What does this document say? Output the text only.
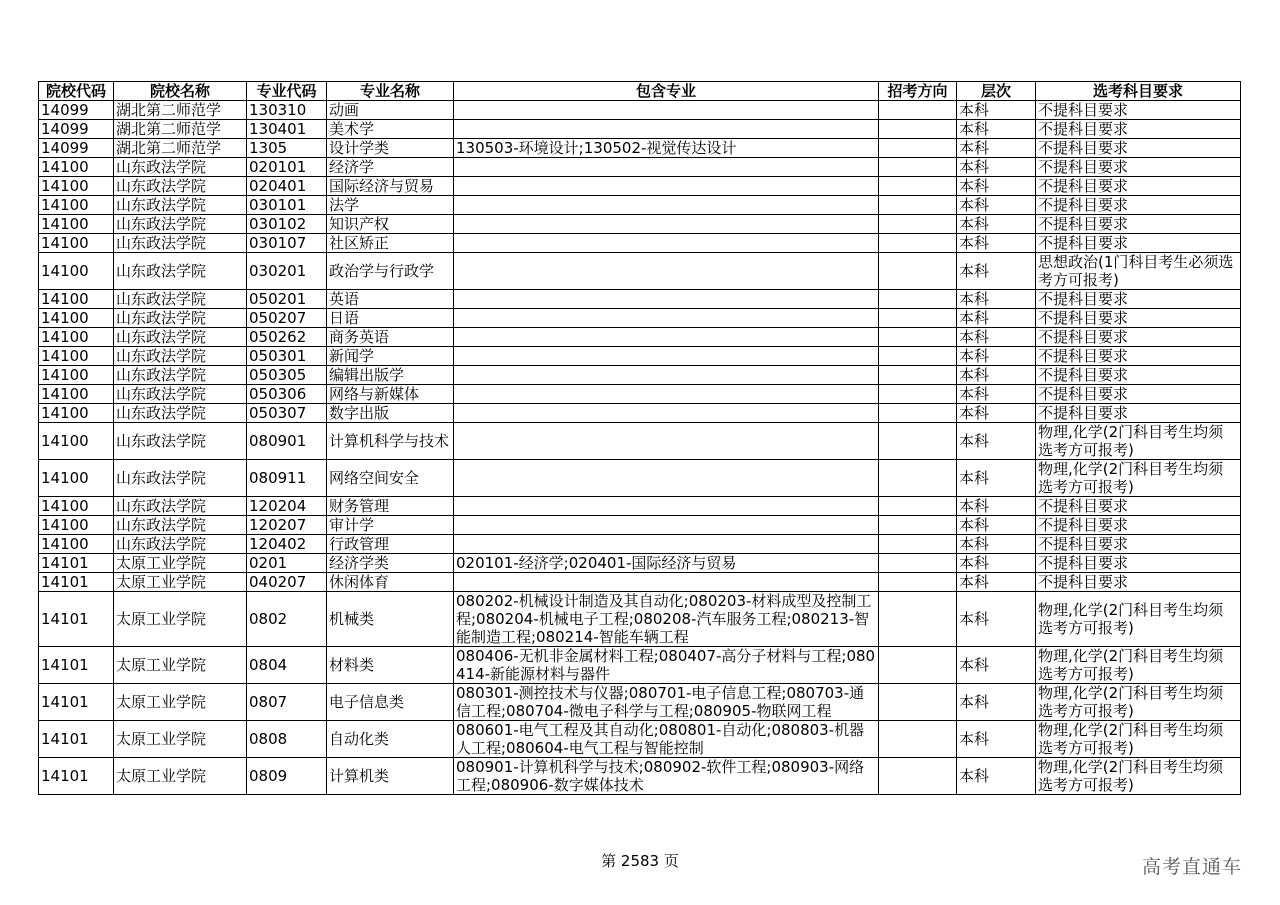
院校代码	院校名称	专业代码	专业名称	包含专业	招考方向	层次	选考科目要求
14099	湖北第二师范学	130310	动画			本科	不提科目要求
14099	湖北第二师范学	130401	美术学			本科	不提科目要求
14099	湖北第二师范学	1305	设计学类	130503-环境设计;130502-视觉传达设计		本科	不提科目要求
14100	山东政法学院	020101	经济学			本科	不提科目要求
14100	山东政法学院	020401	国际经济与贸易			本科	不提科目要求
14100	山东政法学院	030101	法学			本科	不提科目要求
14100	山东政法学院	030102	知识产权			本科	不提科目要求
14100	山东政法学院	030107	社区矫正			本科	不提科目要求
14100	山东政法学院	030201	政治学与行政学			本科	思想政治(1门科目考生必须选考方可报考)
14100	山东政法学院	050201	英语			本科	不提科目要求
14100	山东政法学院	050207	日语			本科	不提科目要求
14100	山东政法学院	050262	商务英语			本科	不提科目要求
14100	山东政法学院	050301	新闻学			本科	不提科目要求
14100	山东政法学院	050305	编辑出版学			本科	不提科目要求
14100	山东政法学院	050306	网络与新媒体			本科	不提科目要求
14100	山东政法学院	050307	数字出版			本科	不提科目要求
14100	山东政法学院	080901	计算机科学与技术			本科	物理,化学(2门科目考生均须选考方可报考)
14100	山东政法学院	080911	网络空间安全			本科	物理,化学(2门科目考生均须选考方可报考)
14100	山东政法学院	120204	财务管理			本科	不提科目要求
14100	山东政法学院	120207	审计学			本科	不提科目要求
14100	山东政法学院	120402	行政管理			本科	不提科目要求
14101	太原工业学院	0201	经济学类	020101-经济学;020401-国际经济与贸易		本科	不提科目要求
14101	太原工业学院	040207	休闲体育			本科	不提科目要求
14101	太原工业学院	0802	机械类	080202-机械设计制造及其自动化;080203-材料成型及控制工程;080204-机械电子工程;080208-汽车服务工程;080213-智能制造工程;080214-智能车辆工程		本科	物理,化学(2门科目考生均须选考方可报考)
14101	太原工业学院	0804	材料类	080406-无机非金属材料工程;080407-高分子材料与工程;080414-新能源材料与器件		本科	物理,化学(2门科目考生均须选考方可报考)
14101	太原工业学院	0807	电子信息类	080301-测控技术与仪器;080701-电子信息工程;080703-通信工程;080704-微电子科学与工程;080905-物联网工程		本科	物理,化学(2门科目考生均须选考方可报考)
14101	太原工业学院	0808	自动化类	080601-电气工程及其自动化;080801-自动化;080803-机器人工程;080604-电气工程与智能控制		本科	物理,化学(2门科目考生均须选考方可报考)
14101	太原工业学院	0809	计算机类	080901-计算机科学与技术;080902-软件工程;080903-网络工程;080906-数字媒体技术		本科	物理,化学(2门科目考生均须选考方可报考)
第 2583 页	高考直通车
